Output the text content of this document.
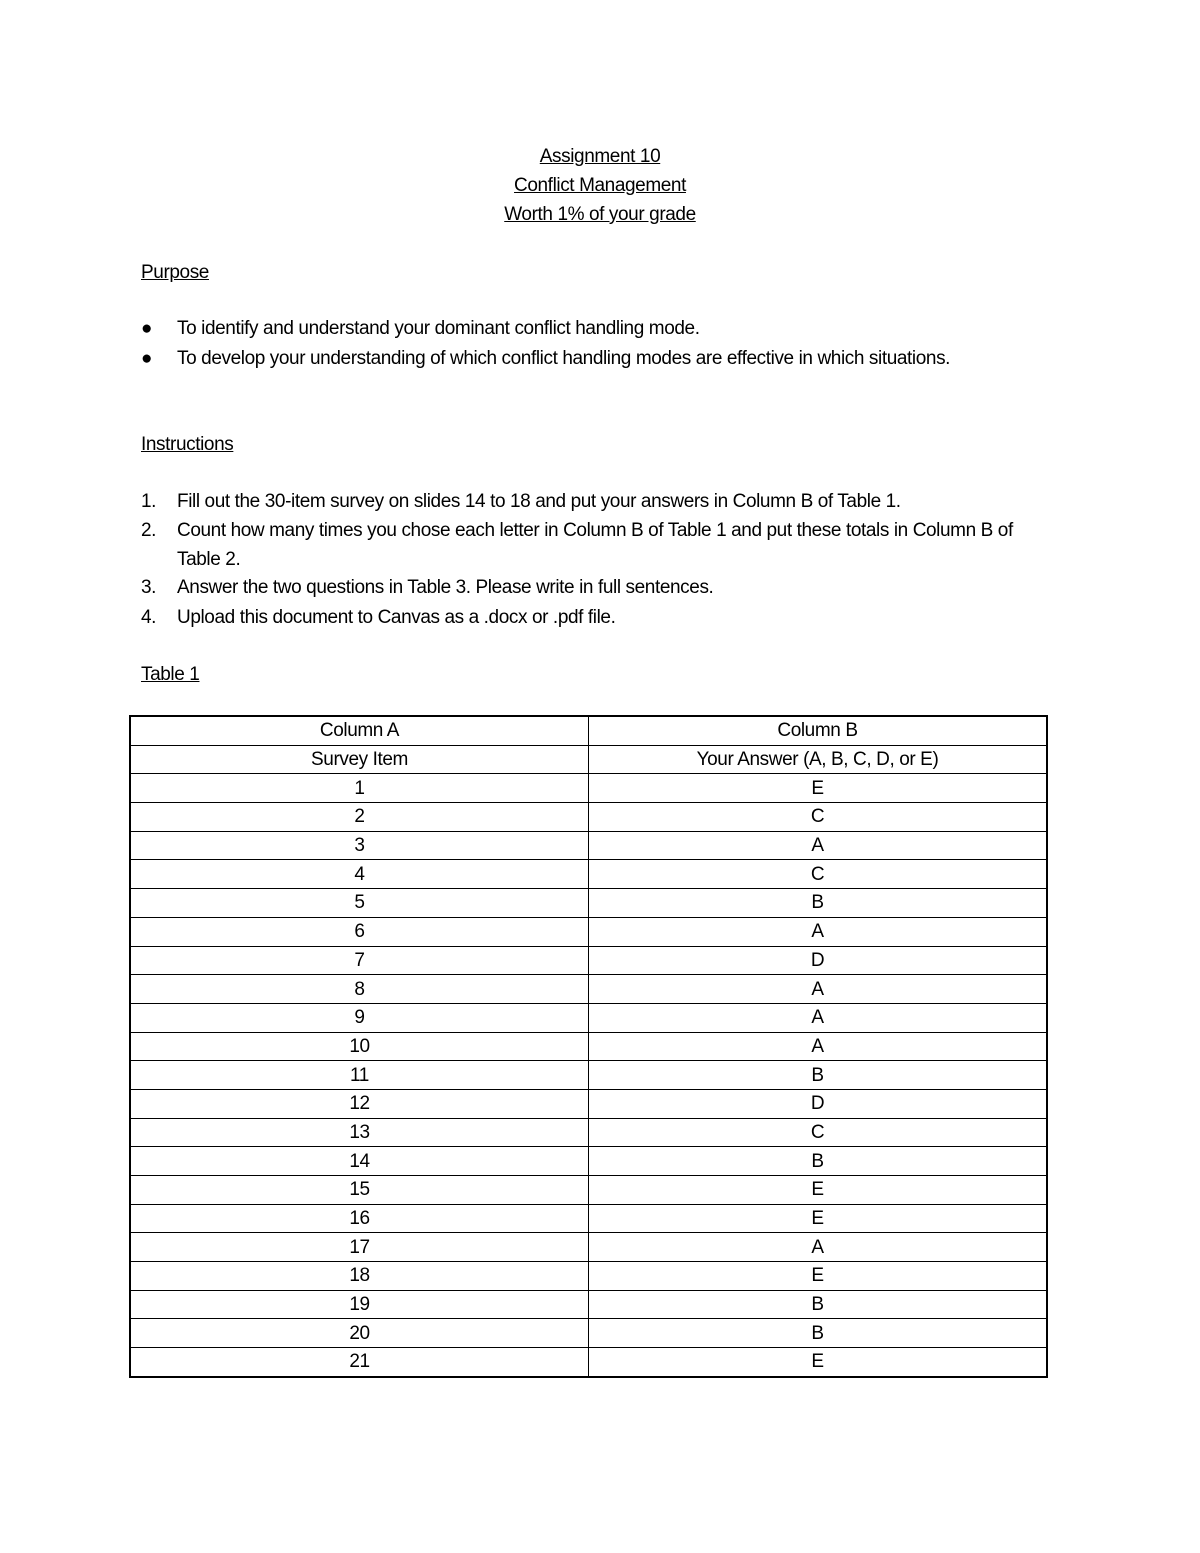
Assignment 10
Conflict Management
Worth 1% of your grade
Purpose
● To identify and understand your dominant conflict handling mode.
● To develop your understanding of which conflict handling modes are effective in which situations.
Instructions
1. Fill out the 30-item survey on slides 14 to 18 and put your answers in Column B of Table 1.
2. Count how many times you chose each letter in Column B of Table 1 and put these totals in Column B of Table 2.
3. Answer the two questions in Table 3. Please write in full sentences.
4. Upload this document to Canvas as a .docx or .pdf file.
Table 1
Column A	Column B
Survey Item	Your Answer (A, B, C, D, or E)
1	E
2	C
3	A
4	C
5	B
6	A
7	D
8	A
9	A
10	A
11	B
12	D
13	C
14	B
15	E
16	E
17	A
18	E
19	B
20	B
21	E
